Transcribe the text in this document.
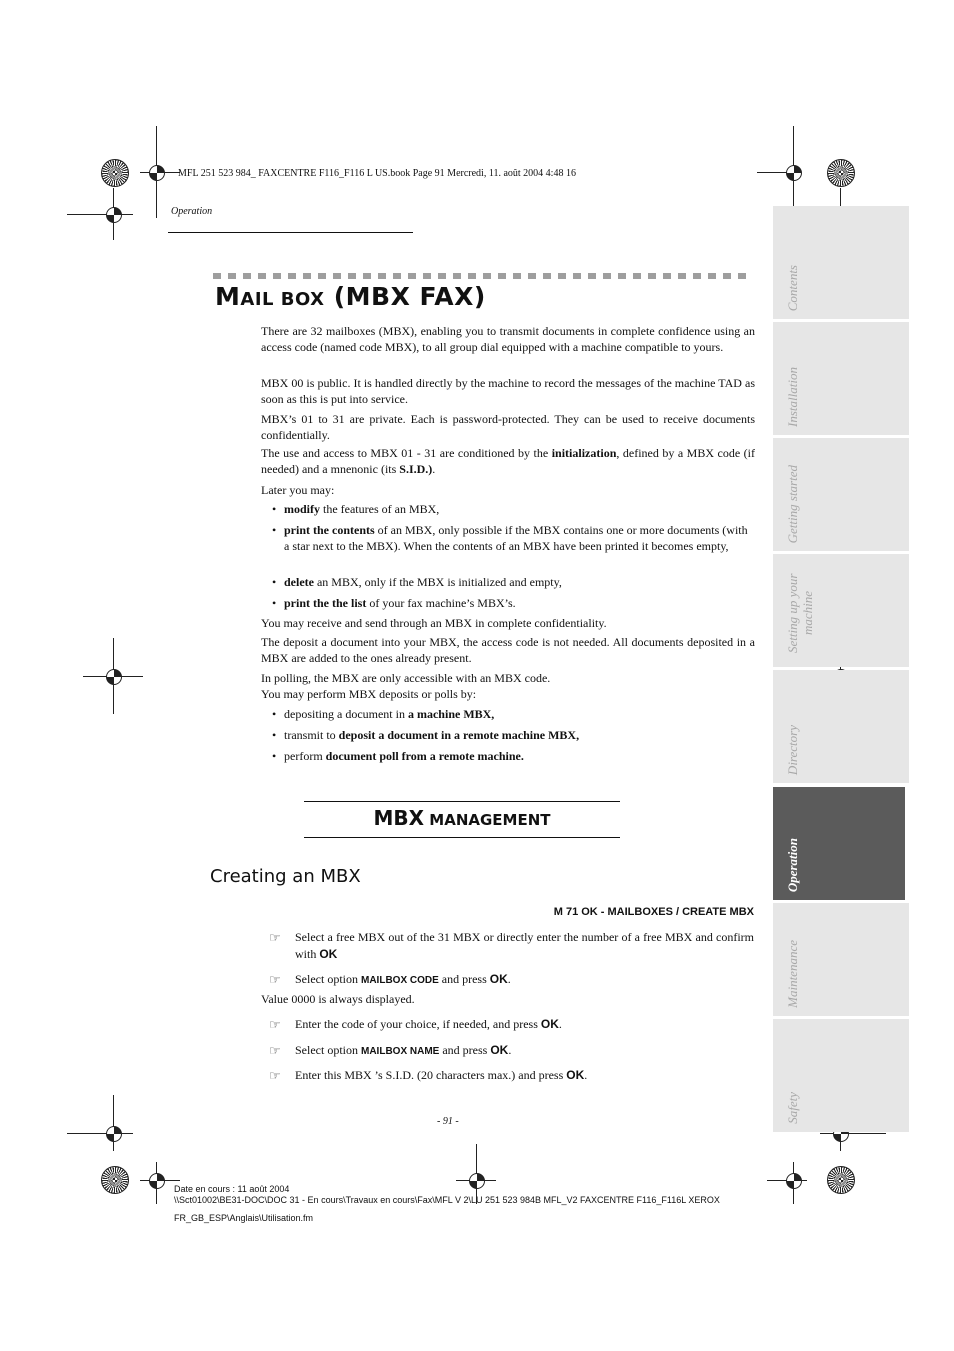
MFL 251 523 984_ FAXCENTRE F116_F116 L US.book Page 91 Mercredi, 11. août 2004 4:48 16
Operation
MAIL BOX (MBX FAX)
There are 32 mailboxes (MBX), enabling you to transmit documents in complete confidence using an access code (named code MBX), to all group dial equipped with a machine compatible to yours.
MBX 00 is public. It is handled directly by the machine to record the messages of the machine TAD as soon as this is put into service.
MBX’s 01 to 31 are private. Each is password-protected. They can be used to receive documents confidentially.
The use and access to MBX 01 - 31 are conditioned by the initialization, defined by a MBX code (if needed) and a mnenonic (its S.I.D.).
Later you may:
• modify the features of an MBX,
• print the contents of an MBX, only possible if the MBX contains one or more documents (with a star next to the MBX). When the contents of an MBX have been printed it becomes empty,
• delete an MBX, only if the MBX is initialized and empty,
• print the the list of your fax machine’s MBX’s.
You may receive and send through an MBX in complete confidentiality.
The deposit a document into your MBX, the access code is not needed. All documents deposited in a MBX are added to the ones already present.
In polling, the MBX are only accessible with an MBX code.
You may perform MBX deposits or polls by:
• depositing a document in a machine MBX,
• transmit to deposit a document in a remote machine MBX,
• perform document poll from a remote machine.
MBX MANAGEMENT
Creating an MBX
M 71 OK - MAILBOXES / CREATE MBX
☞ Select a free MBX out of the 31 MBX or directly enter the number of a free MBX and confirm with OK
☞ Select option MAILBOX CODE and press OK.
Value 0000 is always displayed.
☞ Enter the code of your choice, if needed, and press OK.
☞ Select option MAILBOX NAME and press OK.
☞ Enter this MBX ’s S.I.D. (20 characters max.) and press OK.
- 91 -
Contents
Installation
Getting started
Setting up your machine
Directory
Operation
Maintenance
Safety
Date en cours : 11 août 2004
\\Sct01002\BE31-DOC\DOC 31 - En cours\Travaux en cours\Fax\MFL V 2\LU 251 523 984B MFL_V2 FAXCENTRE F116_F116L XEROX
FR_GB_ESP\Anglais\Utilisation.fm
